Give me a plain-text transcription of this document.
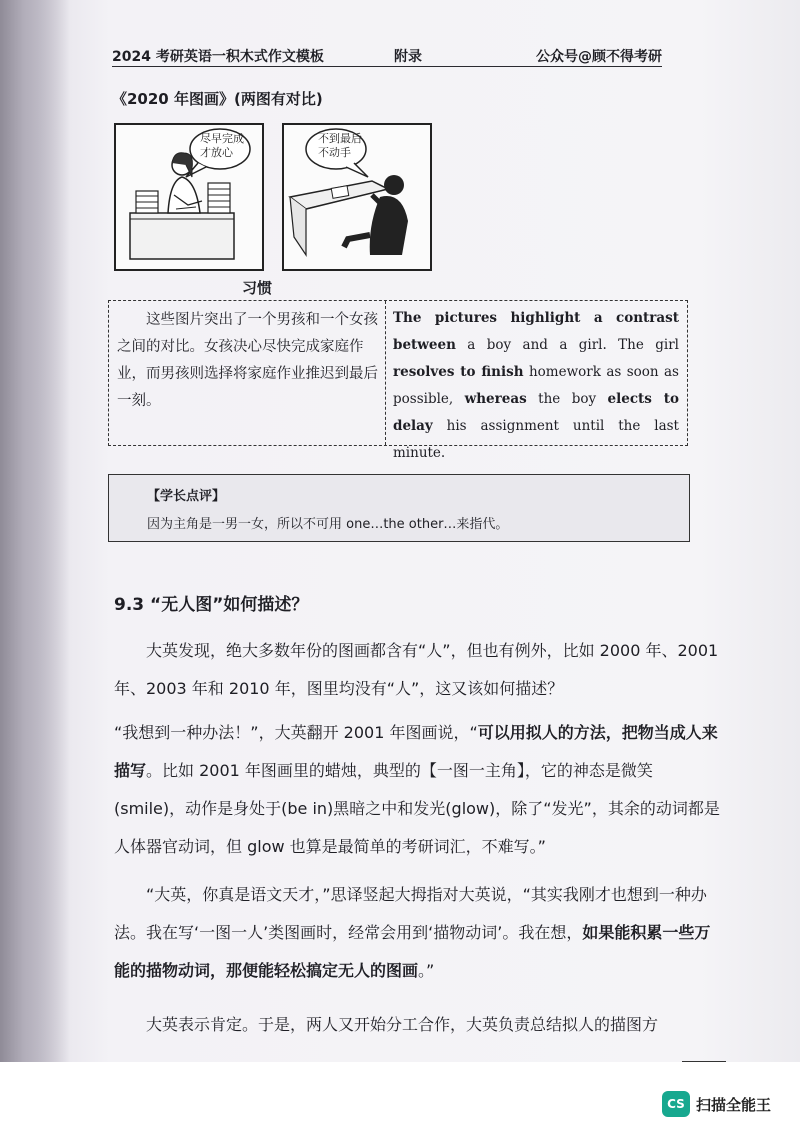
2024 考研英语一积木式作文模板	附录	公众号@顾不得考研
《2020 年图画》(两图有对比)
尽早完成
才放心
不到最后
不动手
习惯
这些图片突出了一个男孩和一个女孩之间的对比。女孩决心尽快完成家庭作业，而男孩则选择将家庭作业推迟到最后一刻。
The pictures highlight a contrast between a boy and a girl. The girl resolves to finish homework as soon as possible, whereas the boy elects to delay his assignment until the last minute.
【学长点评】
因为主角是一男一女，所以不可用 one…the other…来指代。
9.3 “无人图”如何描述？
大英发现，绝大多数年份的图画都含有“人”，但也有例外，比如 2000 年、2001 年、2003 年和 2010 年，图里均没有“人”，这又该如何描述？
“我想到一种办法！”，大英翻开 2001 年图画说，“可以用拟人的方法，把物当成人来描写。比如 2001 年图画里的蜡烛，典型的【一图一主角】，它的神态是微笑(smile)，动作是身处于(be in)黑暗之中和发光(glow)，除了“发光”，其余的动词都是人体器官动词，但 glow 也算是最简单的考研词汇，不难写。”
“大英，你真是语文天才，”思译竖起大拇指对大英说，“其实我刚才也想到一种办法。我在写‘一图一人’类图画时，经常会用到‘描物动词’。我在想，如果能积累一些万能的描物动词，那便能轻松搞定无人的图画。”
大英表示肯定。于是，两人又开始分工合作，大英负责总结拟人的描图方
CS 扫描全能王
